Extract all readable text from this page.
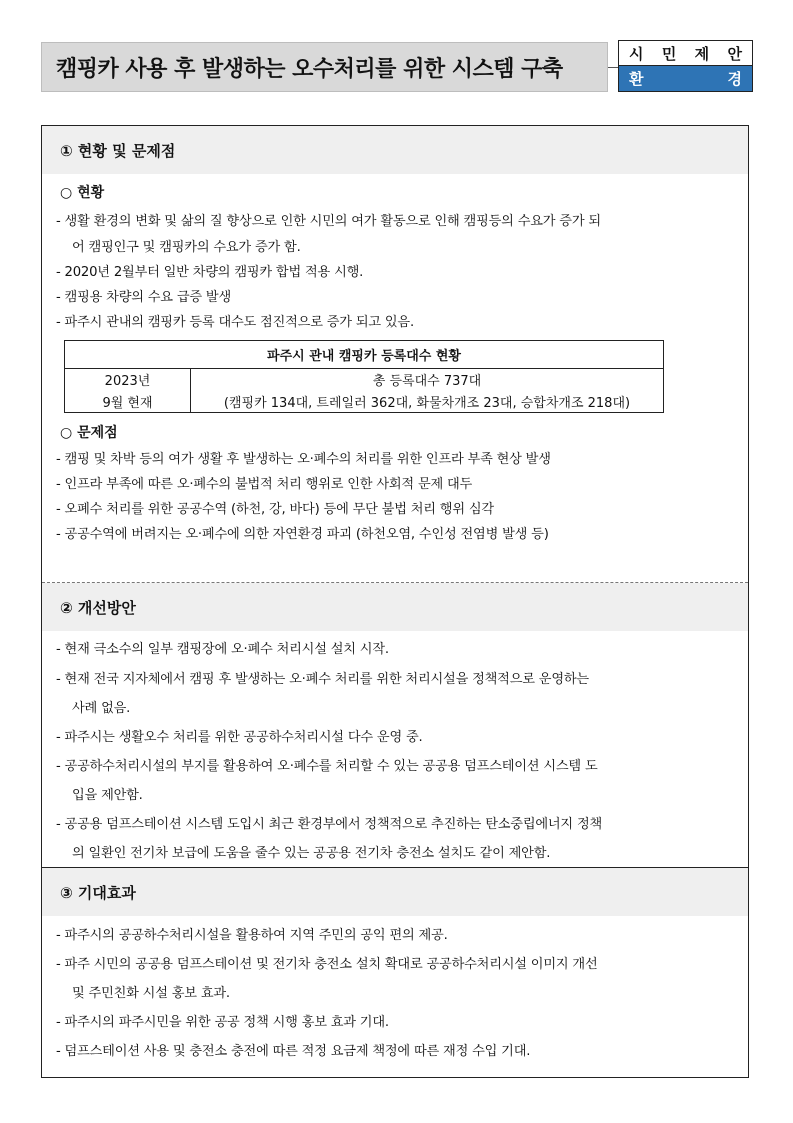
캠핑카 사용 후 발생하는 오수처리를 위한 시스템 구축
시 민 제 안
환	경
① 현황 및 문제점
○ 현황
- 생활 환경의 변화 및 삶의 질 향상으로 인한 시민의 여가 활동으로 인해 캠핑등의 수요가 증가 되
어 캠핑인구 및 캠핑카의 수요가 증가 함.
- 2020년 2월부터 일반 차량의 캠핑카 합법 적용 시행.
- 캠핑용 차량의 수요 급증 발생
- 파주시 관내의 캠핑카 등록 대수도 점진적으로 증가 되고 있음.
파주시 관내 캠핑카 등록대수 현황	
2023년	총 등록대수 737대
9월 현재	(캠핑카 134대, 트레일러 362대, 화물차개조 23대, 승합차개조 218대)
○ 문제점
- 캠핑 및 차박 등의 여가 생활 후 발생하는 오·폐수의 처리를 위한 인프라 부족 현상 발생
- 인프라 부족에 따른 오·폐수의 불법적 처리 행위로 인한 사회적 문제 대두
- 오폐수 처리를 위한 공공수역 (하천, 강, 바다) 등에 무단 불법 처리 행위 심각
- 공공수역에 버려지는 오·폐수에 의한 자연환경 파괴 (하천오염, 수인성 전염병 발생 등)
② 개선방안
- 현재 극소수의 일부 캠핑장에 오·폐수 처리시설 설치 시작.
- 현재 전국 지자체에서 캠핑 후 발생하는 오·폐수 처리를 위한 처리시설을 정책적으로 운영하는
사례 없음.
- 파주시는 생활오수 처리를 위한 공공하수처리시설 다수 운영 중.
- 공공하수처리시설의 부지를 활용하여 오·폐수를 처리할 수 있는 공공용 덤프스테이션 시스템 도
입을 제안함.
- 공공용 덤프스테이션 시스템 도입시 최근 환경부에서 정책적으로 추진하는 탄소중립에너지 정책
의 일환인 전기차 보급에 도움을 줄수 있는 공공용 전기차 충전소 설치도 같이 제안함.
③ 기대효과
- 파주시의 공공하수처리시설을 활용하여 지역 주민의 공익 편의 제공.
- 파주 시민의 공공용 덤프스테이션 및 전기차 충전소 설치 확대로 공공하수처리시설 이미지 개선
및 주민친화 시설 홍보 효과.
- 파주시의 파주시민을 위한 공공 정책 시행 홍보 효과 기대.
- 덤프스테이션 사용 및 충전소 충전에 따른 적정 요금제 책정에 따른 재정 수입 기대.
